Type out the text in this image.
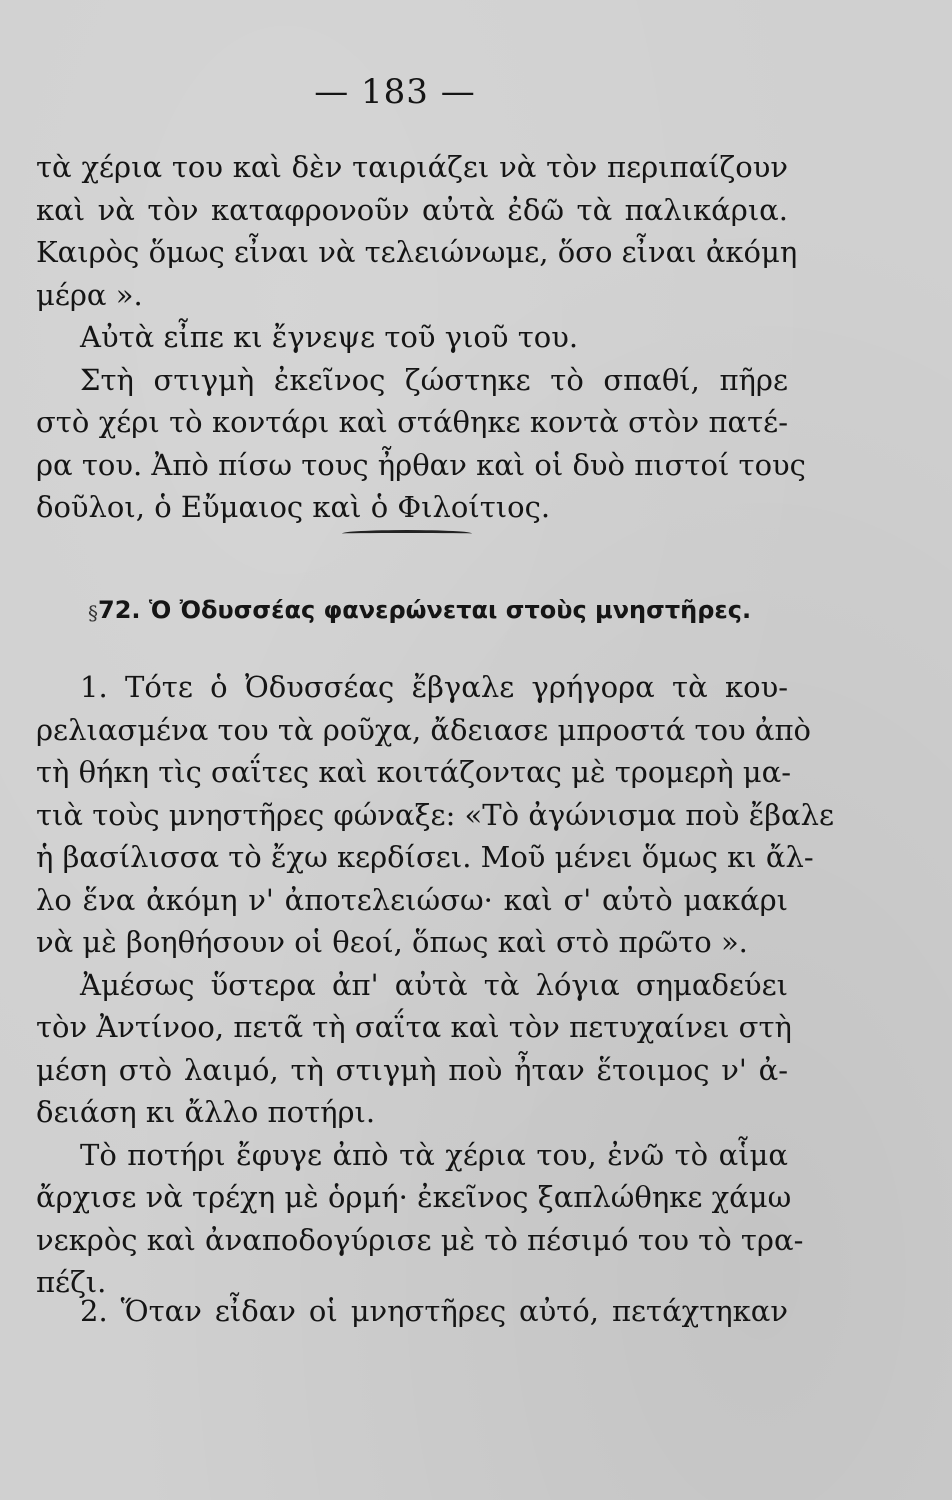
— 183 —
τὰ χέρια του καὶ δὲν ταιριάζει νὰ τὸν περιπαίζουν
καὶ νὰ τὸν καταφρονοῦν αὐτὰ ἐδῶ τὰ παλικάρια.
Καιρὸς ὅμως εἶναι νὰ τελειώνωμε, ὅσο εἶναι ἀκόμη
μέρα ».
Αὐτὰ εἶπε κι ἔγνεψε τοῦ γιοῦ του.
Στὴ στιγμὴ ἐκεῖνος ζώστηκε τὸ σπαθί, πῆρε
στὸ χέρι τὸ κοντάρι καὶ στάθηκε κοντὰ στὸν πατέ-
ρα του. Ἀπὸ πίσω τους ἦρθαν καὶ οἱ δυὸ πιστοί τους
δοῦλοι, ὁ Εὔμαιος καὶ ὁ Φιλοίτιος.
§ 72. Ὁ Ὀδυσσέας φανερώνεται στοὺς μνηστῆρες.
1. Τότε ὁ Ὀδυσσέας ἔβγαλε γρήγορα τὰ κου-
ρελιασμένα του τὰ ροῦχα, ἄδειασε μπροστά του ἀπὸ
τὴ θήκη τὶς σαΐτες καὶ κοιτάζοντας μὲ τρομερὴ μα-
τιὰ τοὺς μνηστῆρες φώναξε: «Τὸ ἀγώνισμα ποὺ ἔβαλε
ἡ βασίλισσα τὸ ἔχω κερδίσει. Μοῦ μένει ὅμως κι ἄλ-
λο ἕνα ἀκόμη ν' ἀποτελειώσω· καὶ σ' αὐτὸ μακάρι
νὰ μὲ βοηθήσουν οἱ θεοί, ὅπως καὶ στὸ πρῶτο ».
Ἀμέσως ὕστερα ἀπ' αὐτὰ τὰ λόγια σημαδεύει
τὸν Ἀντίνοο, πετᾶ τὴ σαΐτα καὶ τὸν πετυχαίνει στὴ
μέση στὸ λαιμό, τὴ στιγμὴ ποὺ ἦταν ἕτοιμος ν' ἀ-
δειάση κι ἄλλο ποτήρι.
Τὸ ποτήρι ἔφυγε ἀπὸ τὰ χέρια του, ἐνῶ τὸ αἷμα
ἄρχισε νὰ τρέχη μὲ ὁρμή· ἐκεῖνος ξαπλώθηκε χάμω
νεκρὸς καὶ ἀναποδογύρισε μὲ τὸ πέσιμό του τὸ τρα-
πέζι.
2. Ὅταν εἶδαν οἱ μνηστῆρες αὐτό, πετάχτηκαν
